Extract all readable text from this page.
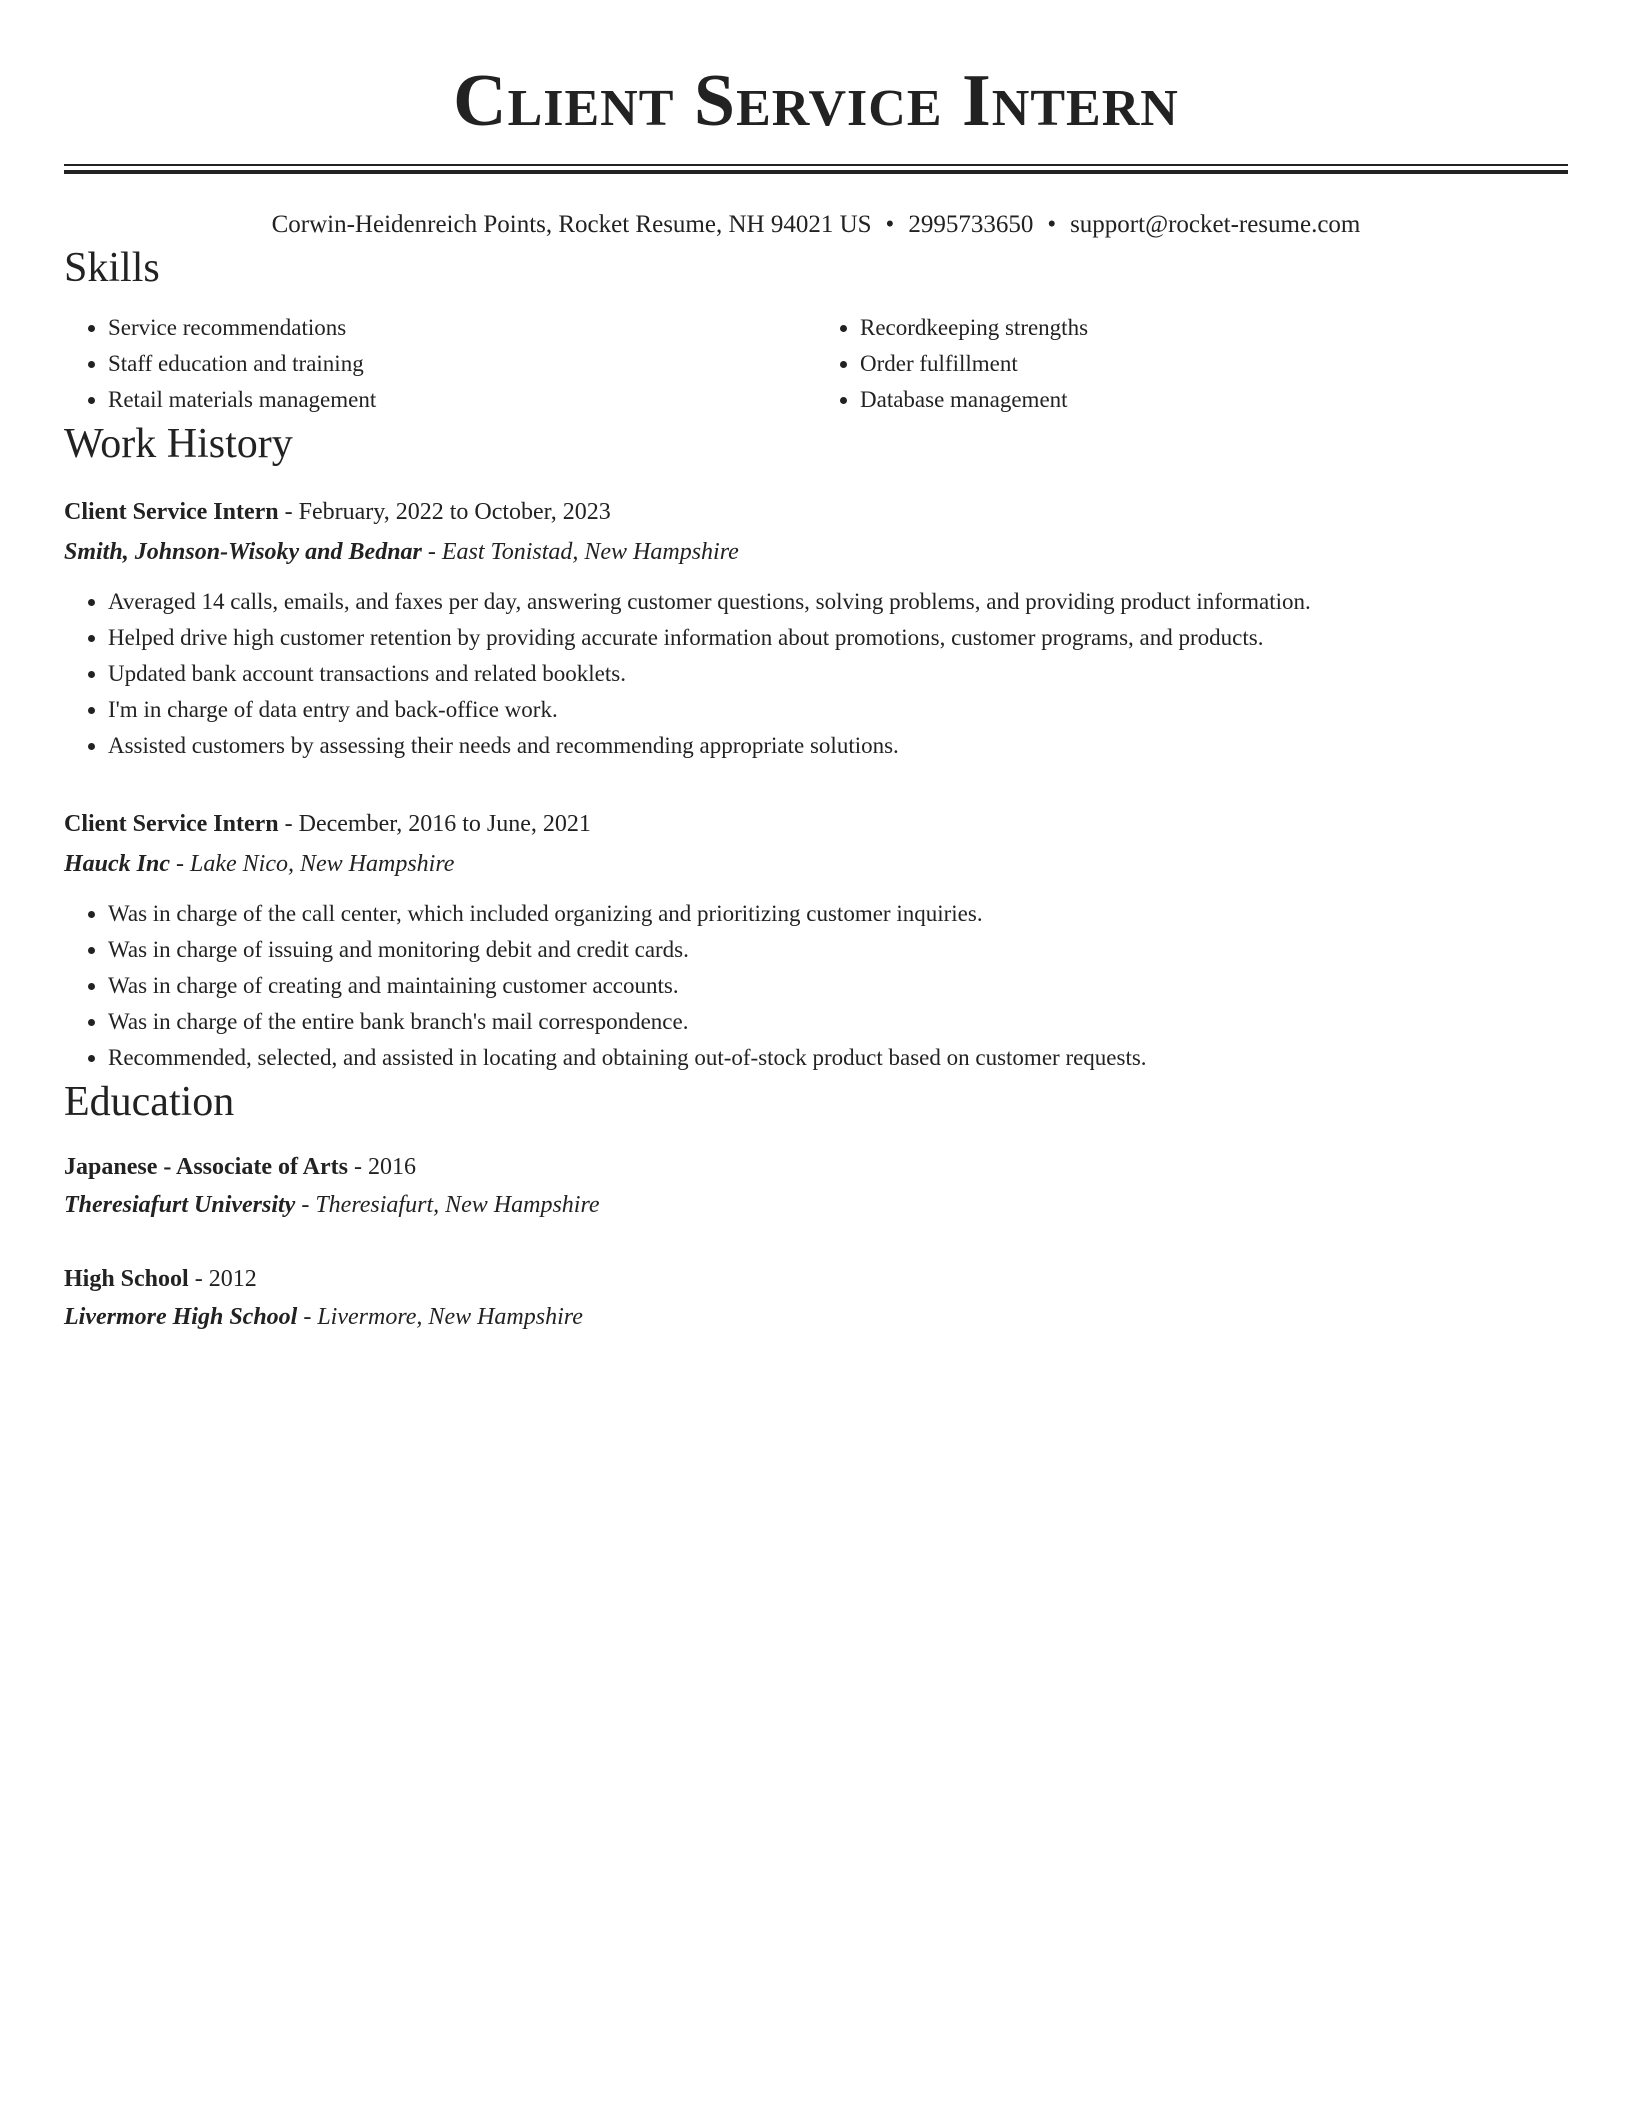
Client Service Intern
Corwin-Heidenreich Points, Rocket Resume, NH 94021 US • 2995733650 • support@rocket-resume.com
Skills
• Service recommendations
• Staff education and training
• Retail materials management
• Recordkeeping strengths
• Order fulfillment
• Database management
Work History
Client Service Intern - February, 2022 to October, 2023
Smith, Johnson-Wisoky and Bednar - East Tonistad, New Hampshire
• Averaged 14 calls, emails, and faxes per day, answering customer questions, solving problems, and providing product information.
• Helped drive high customer retention by providing accurate information about promotions, customer programs, and products.
• Updated bank account transactions and related booklets.
• I'm in charge of data entry and back-office work.
• Assisted customers by assessing their needs and recommending appropriate solutions.
Client Service Intern - December, 2016 to June, 2021
Hauck Inc - Lake Nico, New Hampshire
• Was in charge of the call center, which included organizing and prioritizing customer inquiries.
• Was in charge of issuing and monitoring debit and credit cards.
• Was in charge of creating and maintaining customer accounts.
• Was in charge of the entire bank branch's mail correspondence.
• Recommended, selected, and assisted in locating and obtaining out-of-stock product based on customer requests.
Education
Japanese - Associate of Arts - 2016
Theresiafurt University - Theresiafurt, New Hampshire
High School - 2012
Livermore High School - Livermore, New Hampshire
